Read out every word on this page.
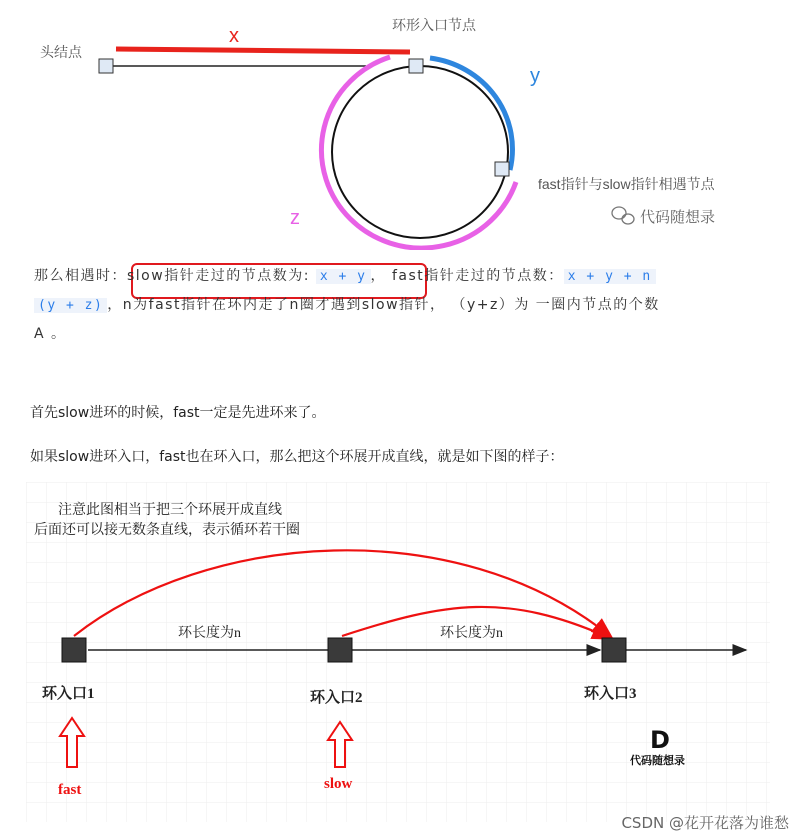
头结点
环形入口节点
fast指针与slow指针相遇节点
x
y
z	代码随想录
那么相遇时：slow指针走过的节点数为: x + y ， fast指针走过的节点数： x + y + n
(y + z) ，n为fast指针在环内走了n圈才遇到slow指针， （y+z）为 一圈内节点的个数
A 。
首先slow进环的时候，fast一定是先进环来了。
如果slow进环入口，fast也在环入口，那么把这个环展开成直线，就是如下图的样子：
注意此图相当于把三个环展开成直线
后面还可以接无数条直线，表示循环若干圈
环长度为n	环长度为n
环入口1	环入口2	环入口3
fast	slow
D
代码随想录
CSDN @花开花落为谁愁
